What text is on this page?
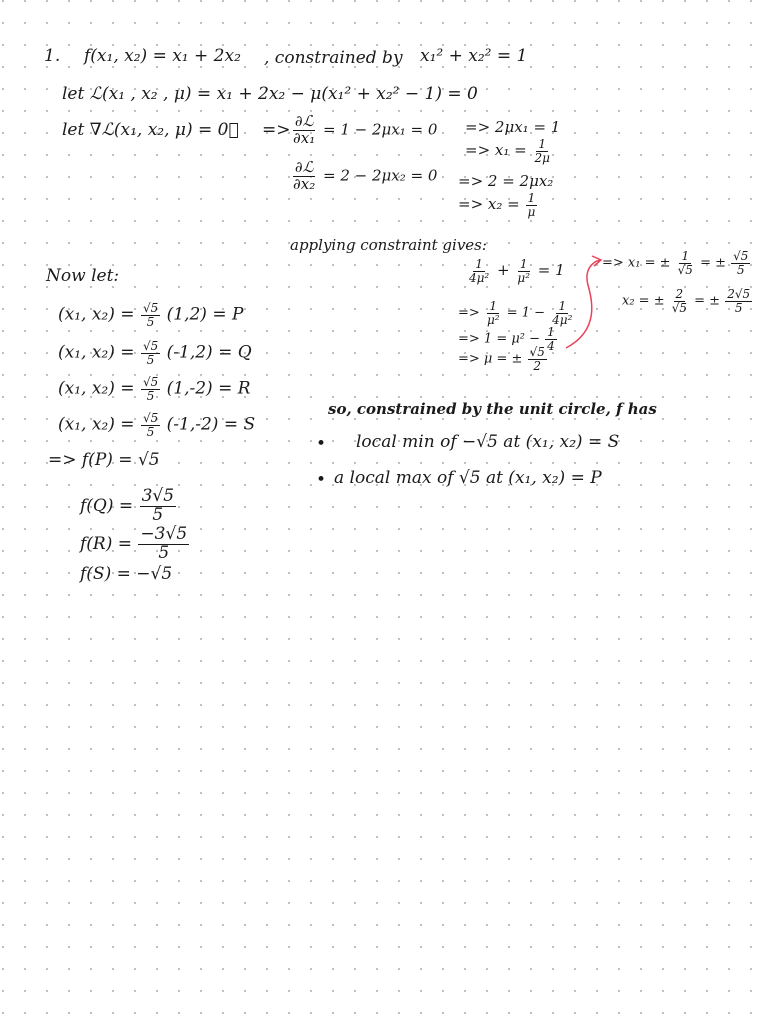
1. f(x₁, x₂) = x₁ + 2x₂ , constrained by x₁² + x₂² = 1
let ℒ(x₁ , x₂ , μ) = x₁ + 2x₂ − μ(x₁² + x₂² − 1) = 0
let ∇ℒ(x₁, x₂, μ) = 0⃗ => $\frac{\text{∂ℒ}}{\text{∂x₁}} = 1 - 2\mu x_1 = 0$
$\frac{\text{∂ℒ}}{\text{∂x₂}} = 2 - 2\mu x_2 = 0$
=> 2μx₁ = 1
=> $x_1 = \frac{1}{2\mu}$
=> 2 = 2μx₂
=> $x_2 = \frac{1}{\mu}$
applying constraint gives:
$\frac{1}{\text{4μ²}} + \frac{1}{\text{μ²}} = 1$
=> $\frac{1}{\text{μ²}} = 1 - \frac{1}{\text{4μ²}}$
=> $1 = \mu^2 - \frac{1}{4}$
=> μ = ± $\frac{√5}{2}$
=> x₁ = ± $\frac{1}{√5}$ = ± $\frac{√5}{5}$
x₂ = ± $\frac{2}{√5}$ = ± $\frac{2√5}{5}$
Now let:
(x₁, $x_2) = \frac{√5}{5} (1,2) = P$
(x₁, $x_2) = \frac{√5}{5} (-1,2) = Q$
(x₁, $x_2) = \frac{√5}{5} (1,-2) = R$
(x₁, $x_2) = \frac{√5}{5} (-1,-2) = S$
=> f(P) = √5
$f(Q) = \frac{3√5}{5}$
$f(R) = \frac{-3√5}{5}$
f(S) = −√5
so, constrained by the unit circle, f has
• local min of −√5 at (x₁, x₂) = S
• a local max of √5 at (x₁, x₂) = P
